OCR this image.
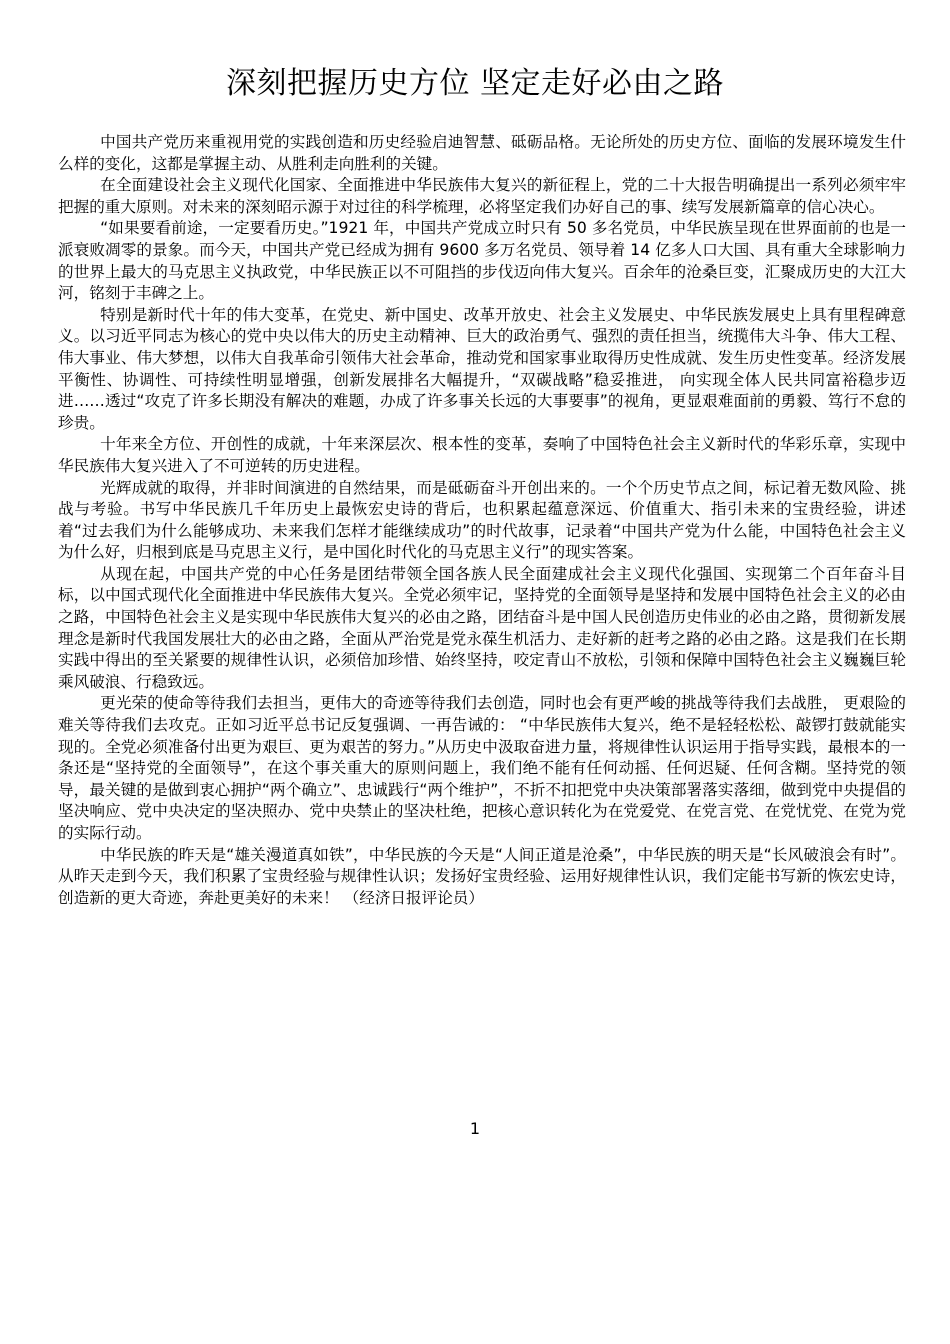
深刻把握历史方位 坚定走好必由之路

中国共产党历来重视用党的实践创造和历史经验启迪智慧、砥砺品格。无论所处的历史方位、面临的发展环境发生什么样的变化，这都是掌握主动、从胜利走向胜利的关键。

在全面建设社会主义现代化国家、全面推进中华民族伟大复兴的新征程上，党的二十大报告明确提出一系列必须牢牢把握的重大原则。对未来的深刻昭示源于对过往的科学梳理，必将坚定我们办好自己的事、续写发展新篇章的信心决心。

“如果要看前途，一定要看历史。”1921 年，中国共产党成立时只有 50 多名党员，中华民族呈现在世界面前的也是一派衰败凋零的景象。而今天，中国共产党已经成为拥有 9600 多万名党员、领导着 14 亿多人口大国、具有重大全球影响力的世界上最大的马克思主义执政党，中华民族正以不可阻挡的步伐迈向伟大复兴。百余年的沧桑巨变，汇聚成历史的大江大河，铭刻于丰碑之上。

特别是新时代十年的伟大变革，在党史、新中国史、改革开放史、社会主义发展史、中华民族发展史上具有里程碑意义。以习近平同志为核心的党中央以伟大的历史主动精神、巨大的政治勇气、强烈的责任担当，统揽伟大斗争、伟大工程、伟大事业、伟大梦想，以伟大自我革命引领伟大社会革命，推动党和国家事业取得历史性成就、发生历史性变革。经济发展平衡性、协调性、可持续性明显增强，创新发展排名大幅提升，“双碳战略”稳妥推进， 向实现全体人民共同富裕稳步迈进……透过“攻克了许多长期没有解决的难题，办成了许多事关长远的大事要事”的视角，更显艰难面前的勇毅、笃行不怠的珍贵。

十年来全方位、开创性的成就，十年来深层次、根本性的变革，奏响了中国特色社会主义新时代的华彩乐章，实现中华民族伟大复兴进入了不可逆转的历史进程。

光辉成就的取得，并非时间演进的自然结果，而是砥砺奋斗开创出来的。一个个历史节点之间，标记着无数风险、挑战与考验。书写中华民族几千年历史上最恢宏史诗的背后，也积累起蕴意深远、价值重大、指引未来的宝贵经验，讲述着“过去我们为什么能够成功、未来我们怎样才能继续成功”的时代故事，记录着“中国共产党为什么能，中国特色社会主义为什么好，归根到底是马克思主义行，是中国化时代化的马克思主义行”的现实答案。

从现在起，中国共产党的中心任务是团结带领全国各族人民全面建成社会主义现代化强国、实现第二个百年奋斗目标，以中国式现代化全面推进中华民族伟大复兴。全党必须牢记，坚持党的全面领导是坚持和发展中国特色社会主义的必由之路，中国特色社会主义是实现中华民族伟大复兴的必由之路，团结奋斗是中国人民创造历史伟业的必由之路，贯彻新发展理念是新时代我国发展壮大的必由之路，全面从严治党是党永葆生机活力、走好新的赶考之路的必由之路。这是我们在长期实践中得出的至关紧要的规律性认识，必须倍加珍惜、始终坚持，咬定青山不放松，引领和保障中国特色社会主义巍巍巨轮乘风破浪、行稳致远。

更光荣的使命等待我们去担当，更伟大的奇迹等待我们去创造，同时也会有更严峻的挑战等待我们去战胜， 更艰险的难关等待我们去攻克。正如习近平总书记反复强调、一再告诫的： “中华民族伟大复兴，绝不是轻轻松松、敲锣打鼓就能实现的。全党必须准备付出更为艰巨、更为艰苦的努力。”从历史中汲取奋进力量，将规律性认识运用于指导实践，最根本的一条还是“坚持党的全面领导”，在这个事关重大的原则问题上，我们绝不能有任何动摇、任何迟疑、任何含糊。坚持党的领导，最关键的是做到衷心拥护“两个确立”、忠诚践行“两个维护”，不折不扣把党中央决策部署落实落细，做到党中央提倡的坚决响应、党中央决定的坚决照办、党中央禁止的坚决杜绝，把核心意识转化为在党爱党、在党言党、在党忧党、在党为党的实际行动。

中华民族的昨天是“雄关漫道真如铁”，中华民族的今天是“人间正道是沧桑”，中华民族的明天是“长风破浪会有时”。从昨天走到今天，我们积累了宝贵经验与规律性认识；发扬好宝贵经验、运用好规律性认识，我们定能书写新的恢宏史诗，创造新的更大奇迹，奔赴更美好的未来！ （经济日报评论员）

1
